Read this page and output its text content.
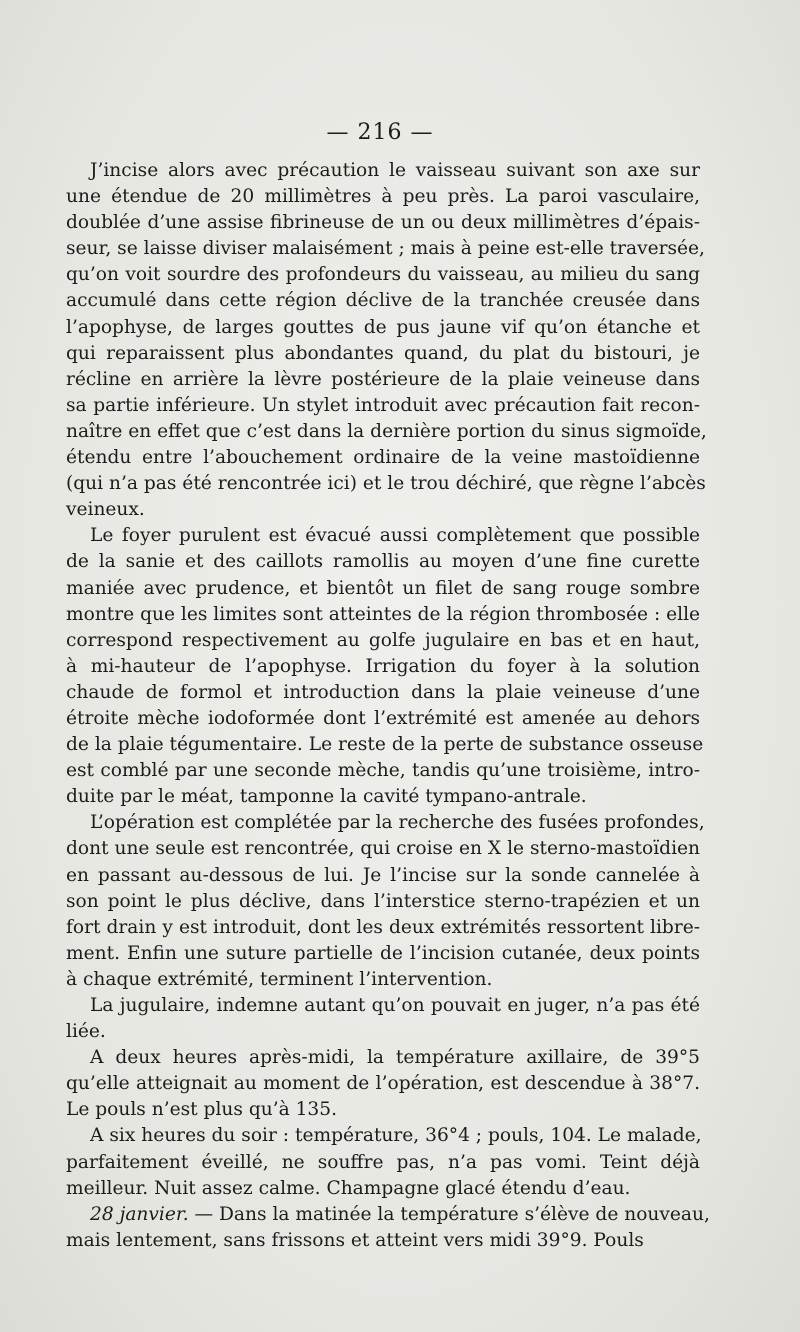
— 216 —
J’incise alors avec précaution le vaisseau suivant son axe sur
une étendue de 20 millimètres à peu près. La paroi vasculaire,
doublée d’une assise fibrineuse de un ou deux millimètres d’épais-
seur, se laisse diviser malaisément ; mais à peine est-elle traversée,
qu’on voit sourdre des profondeurs du vaisseau, au milieu du sang
accumulé dans cette région déclive de la tranchée creusée dans
l’apophyse, de larges gouttes de pus jaune vif qu’on étanche et
qui reparaissent plus abondantes quand, du plat du bistouri, je
récline en arrière la lèvre postérieure de la plaie veineuse dans
sa partie inférieure. Un stylet introduit avec précaution fait recon-
naître en effet que c’est dans la dernière portion du sinus sigmoïde,
étendu entre l’abouchement ordinaire de la veine mastoïdienne
(qui n’a pas été rencontrée ici) et le trou déchiré, que règne l’abcès
veineux.
Le foyer purulent est évacué aussi complètement que possible
de la sanie et des caillots ramollis au moyen d’une fine curette
maniée avec prudence, et bientôt un filet de sang rouge sombre
montre que les limites sont atteintes de la région thrombosée : elle
correspond respectivement au golfe jugulaire en bas et en haut,
à mi-hauteur de l’apophyse. Irrigation du foyer à la solution
chaude de formol et introduction dans la plaie veineuse d’une
étroite mèche iodoformée dont l’extrémité est amenée au dehors
de la plaie tégumentaire. Le reste de la perte de substance osseuse
est comblé par une seconde mèche, tandis qu’une troisième, intro-
duite par le méat, tamponne la cavité tympano-antrale.
L’opération est complétée par la recherche des fusées profondes,
dont une seule est rencontrée, qui croise en X le sterno-mastoïdien
en passant au-dessous de lui. Je l’incise sur la sonde cannelée à
son point le plus déclive, dans l’interstice sterno-trapézien et un
fort drain y est introduit, dont les deux extrémités ressortent libre-
ment. Enfin une suture partielle de l’incision cutanée, deux points
à chaque extrémité, terminent l’intervention.
La jugulaire, indemne autant qu’on pouvait en juger, n’a pas été
liée.
A deux heures après-midi, la température axillaire, de 39°5
qu’elle atteignait au moment de l’opération, est descendue à 38°7.
Le pouls n’est plus qu’à 135.
A six heures du soir : température, 36°4 ; pouls, 104. Le malade,
parfaitement éveillé, ne souffre pas, n’a pas vomi. Teint déjà
meilleur. Nuit assez calme. Champagne glacé étendu d’eau.
28 janvier. — Dans la matinée la température s’élève de nouveau,
mais lentement, sans frissons et atteint vers midi 39°9. Pouls
